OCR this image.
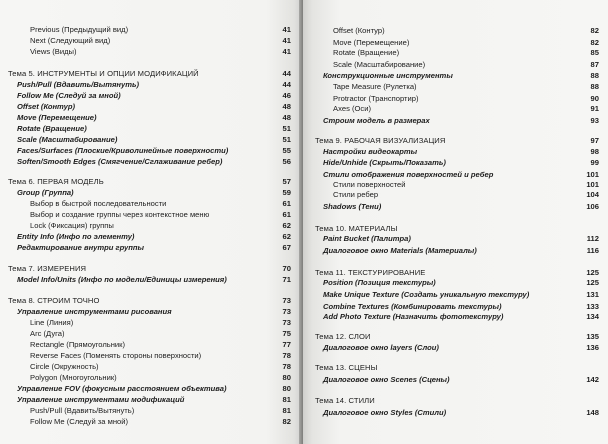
Previous (Предыдущий вид)	41
Next (Следующий вид)	41
Views (Виды)	41
Тема 5. ИНСТРУМЕНТЫ И ОПЦИИ МОДИФИКАЦИЙ	44
Push/Pull (Вдавить/Вытянуть)	44
Follow Me (Следуй за мной)	46
Offset (Контур)	48
Move (Перемещение)	48
Rotate (Вращение)	51
Scale (Масштабирование)	51
Faces/Surfaces (Плоские/Криволинейные поверхности)	55
Soften/Smooth Edges (Смягчение/Сглаживание ребер)	56
Тема 6. ПЕРВАЯ МОДЕЛЬ	57
Group (Группа)	59
Выбор в быстрой последовательности	61
Выбор и создание группы через контекстное меню	61
Lock (Фиксация) группы	62
Entity Info (Инфо по элементу)	62
Редактирование внутри группы	67
Тема 7. ИЗМЕРЕНИЯ	70
Model Info/Units (Инфо по модели/Единицы измерения)	71
Тема 8. СТРОИМ ТОЧНО	73
Управление инструментами рисования	73
Line (Линия)	73
Arc (Дуга)	75
Rectangle (Прямоугольник)	77
Reverse Faces (Поменять стороны поверхности)	78
Circle (Окружность)	78
Polygon (Многоугольник)	80
Управление FOV (фокусным расстоянием объектива)	80
Управление инструментами модификаций	81
Push/Pull (Вдавить/Вытянуть)	81
Follow Me (Следуй за мной)	82
Offset (Контур)	82
Move (Перемещение)	82
Rotate (Вращение)	85
Scale (Масштабирование)	87
Конструкционные инструменты	88
Tape Measure (Рулетка)	88
Protractor (Транспортир)	90
Axes (Оси)	91
Строим модель в размерах	93
Тема 9. РАБОЧАЯ ВИЗУАЛИЗАЦИЯ	97
Настройки видеокарты	98
Hide/Unhide (Скрыть/Показать)	99
Стили отображения поверхностей и ребер	101
Стили поверхностей	101
Стили ребер	104
Shadows (Тени)	106
Тема 10. МАТЕРИАЛЫ
Paint Bucket (Палитра)	112
Диалоговое окно Materials (Материалы)	116
Тема 11. ТЕКСТУРИРОВАНИЕ	125
Position (Позиция текстуры)	125
Make Unique Texture (Создать уникальную текстуру)	131
Combine Textures (Комбинировать текстуры)	133
Add Photo Texture (Назначить фототекстуру)	134
Тема 12. СЛОИ	135
Диалоговое окно layers (Слои)	136
Тема 13. СЦЕНЫ
Диалоговое окно Scenes (Сцены)	142
Тема 14. СТИЛИ
Диалоговое окно Styles (Стили)	148
